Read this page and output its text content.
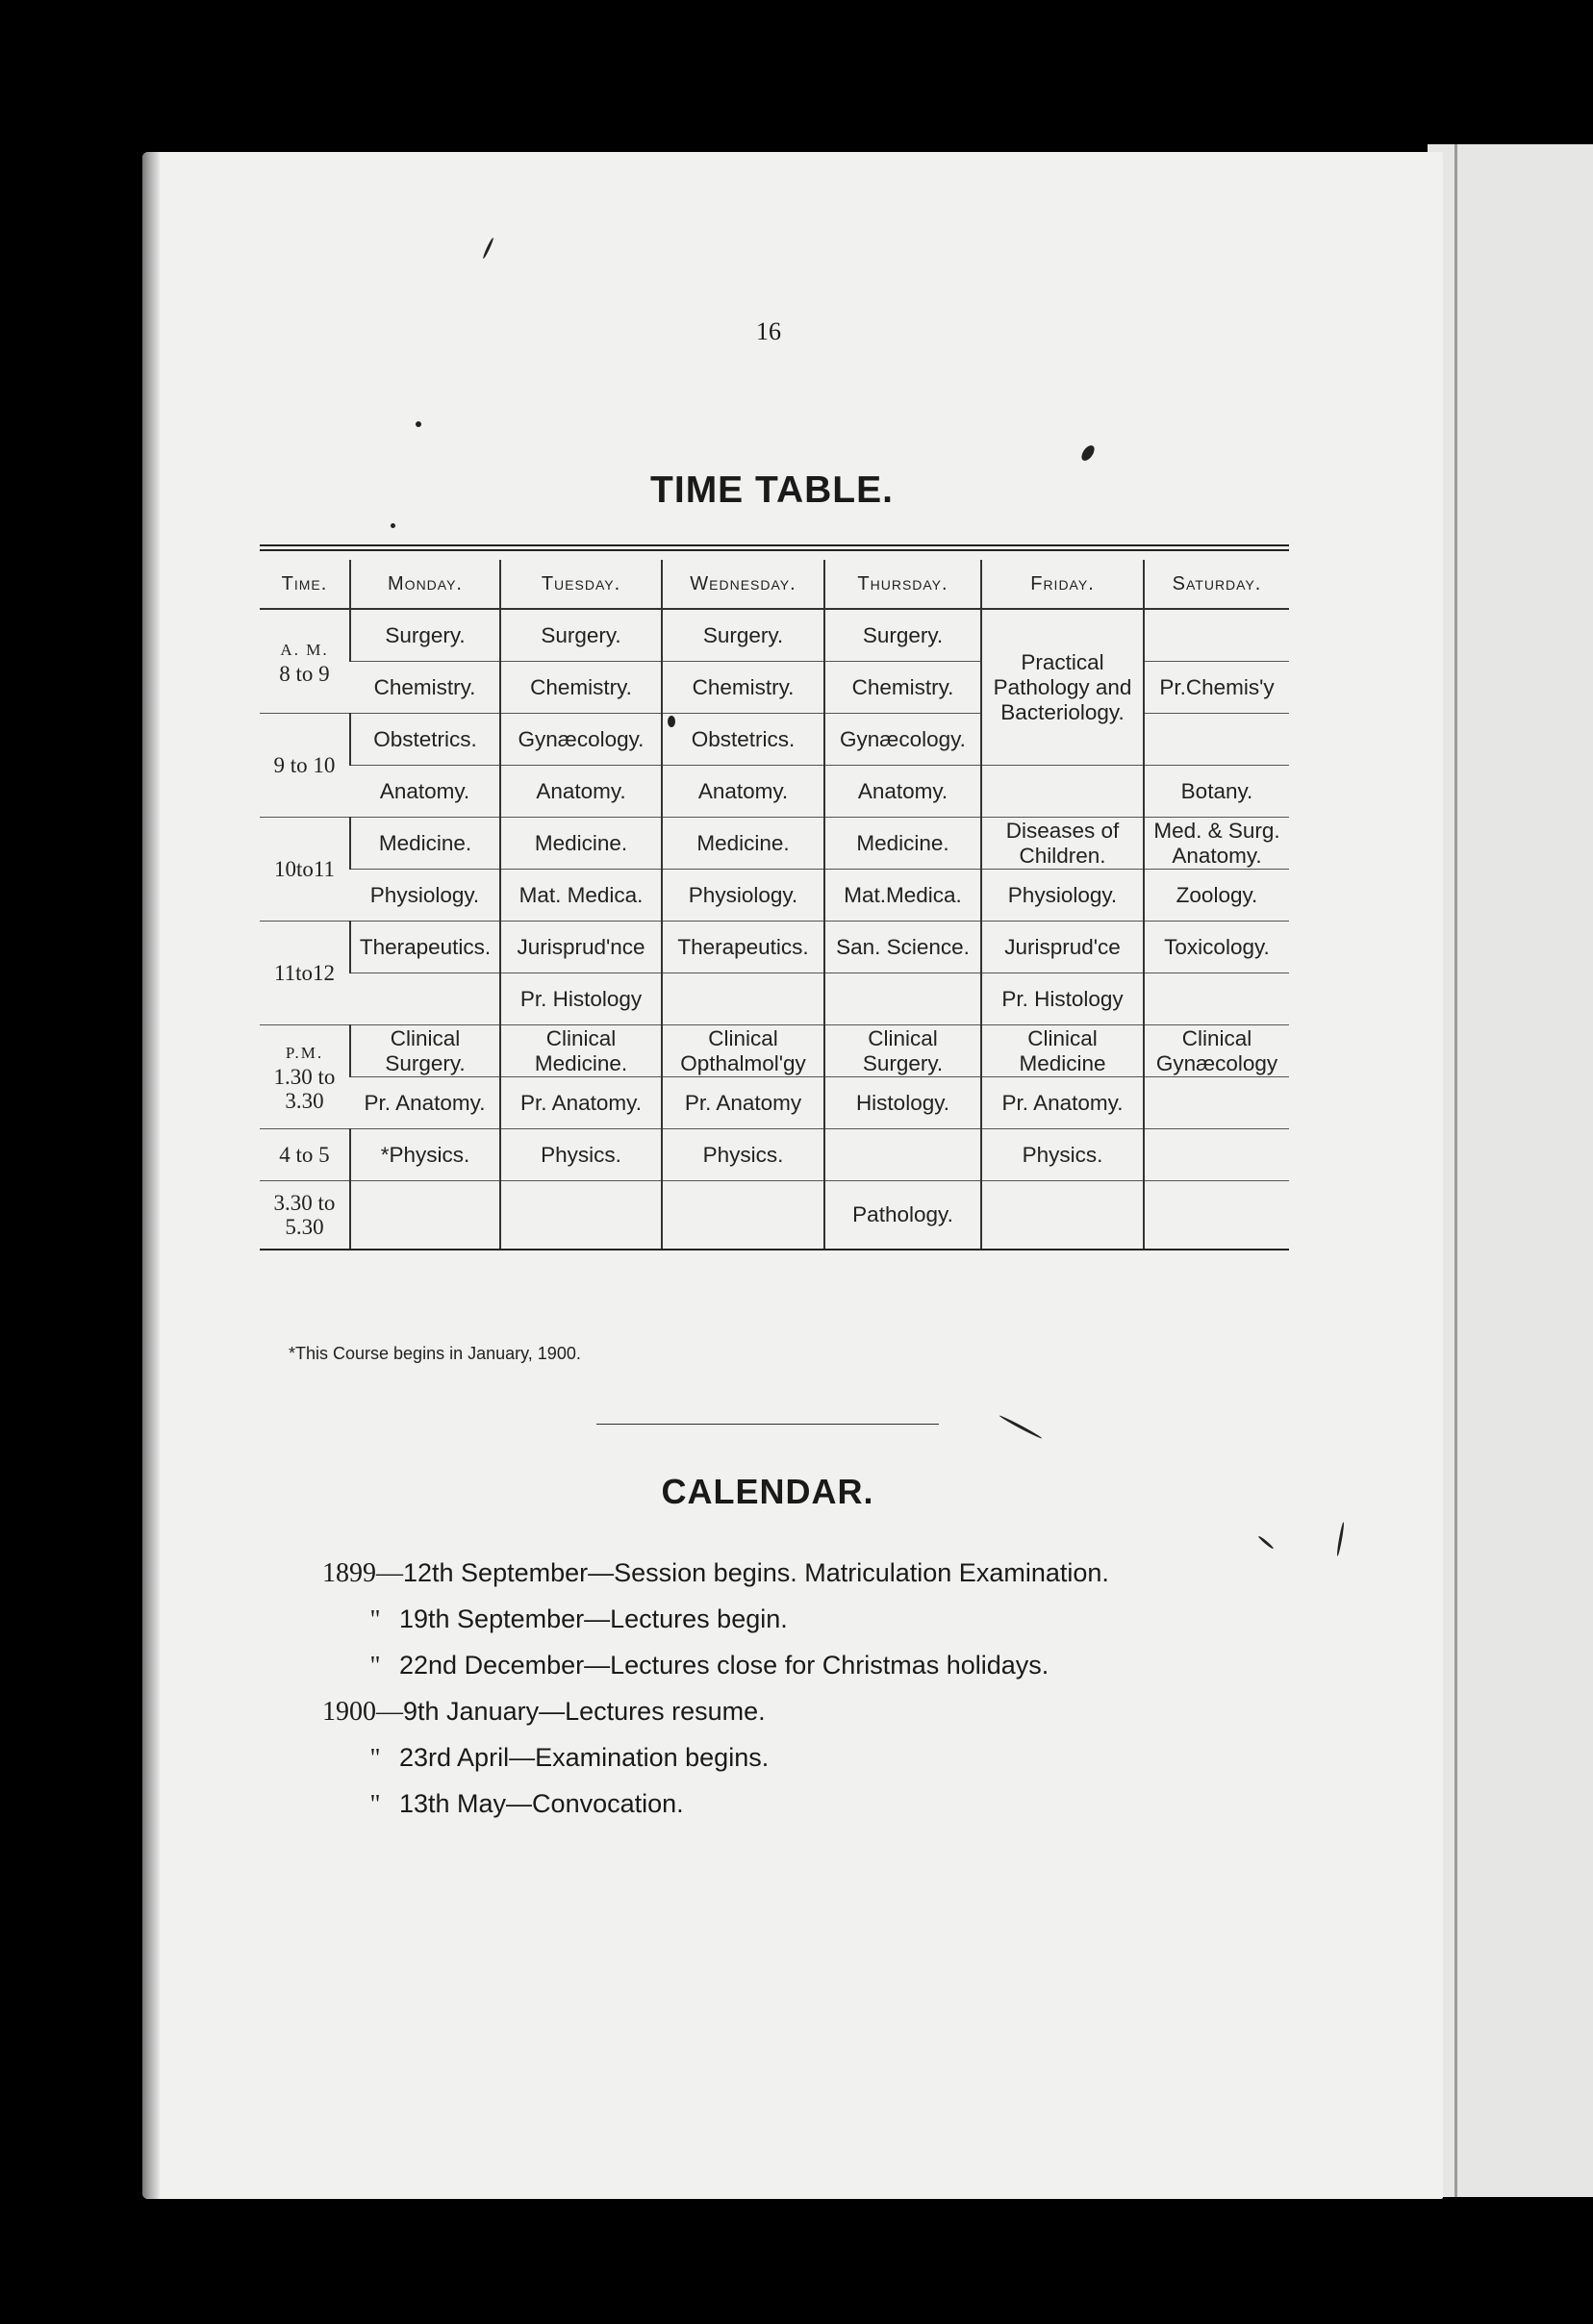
16
TIME TABLE.
Time.	Monday.	Tuesday.	Wednesday.	Thursday.	Friday.	Saturday.

A. M.
8 to 9	Surgery.	Surgery.	Surgery.	Surgery.	Practical Pathology and Bacteriology.	
	Chemistry.	Chemistry.	Chemistry.	Chemistry.		Pr.Chemis'y
9 to 10	Obstetrics.	Gynæcology.	Obstetrics.	Gynæcology.		
	Anatomy.	Anatomy.	Anatomy.	Anatomy.		Botany.
10to11	Medicine.	Medicine.	Medicine.	Medicine.	Diseases of Children.	Med. & Surg. Anatomy.
	Physiology.	Mat. Medica.	Physiology.	Mat.Medica.	Physiology.	Zoology.
11to12	Therapeutics.	Jurisprud'nce	Therapeutics.	San. Science.	Jurisprud'ce	Toxicology.
		Pr. Histology			Pr. Histology	

P.M.
1.30 to 3.30	Clinical Surgery.	Clinical Medicine.	Clinical Opthalmol'gy	Clinical Surgery.	Clinical Medicine	Clinical Gynæcology
	Pr. Anatomy.	Pr. Anatomy.	Pr. Anatomy	Histology.	Pr. Anatomy.	
4 to 5	*Physics.	Physics.	Physics.		Physics.	
3.30 to 5.30				Pathology.		
*This Course begins in January, 1900.
CALENDAR.
1899—12th September—Session begins. Matriculation Examination.
" 19th September—Lectures begin.
" 22nd December—Lectures close for Christmas holidays.
1900—9th January—Lectures resume.
" 23rd April—Examination begins.
" 13th May—Convocation.
